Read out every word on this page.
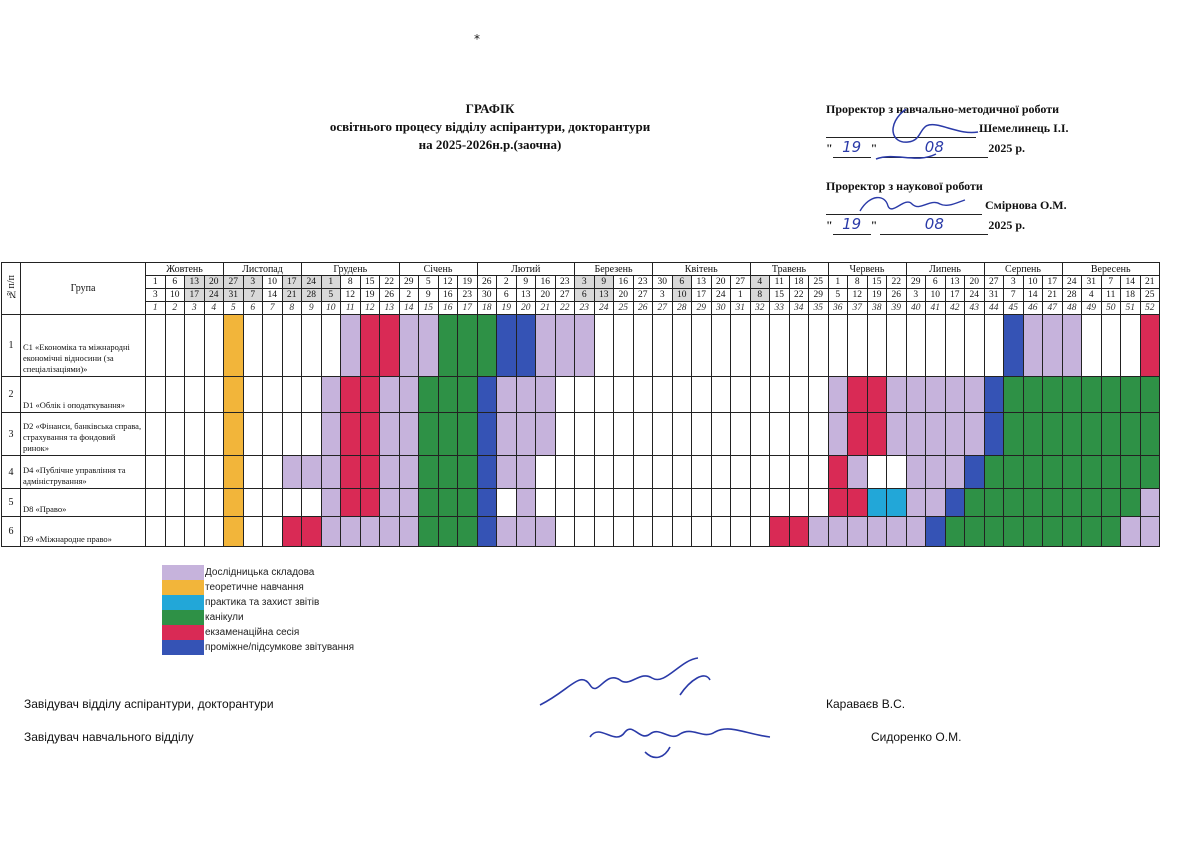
*
ГРАФІК
освітнього процесу відділу аспірантури, докторантури
на 2025-2026н.р.(заочна)
Проректор з навчально-методичної роботи
Шемелинець І.І.
" 19 "	08	2025 р.
Проректор з наукової роботи
Смірнова О.М.
" 19 "	08	2025 р.
№п/п	Група	Жовтень				Листопад				Грудень					Січень				Лютий					Березень				Квітень					Травень				Червень				Липень				Серпень				Вересень				
		1	6	13	20	27	3	10	17	24	1	8	15	22	29	5	12	19	26	2	9	16	23	3	9	16	23	30	6	13	20	27	4	11	18	25	1	8	15	22	29	6	13	20	27	3	10	17	24	31	7	14	21
		3	10	17	24	31	7	14	21	28	5	12	19	26	2	9	16	23	30	6	13	20	27	6	13	20	27	3	10	17	24	1	8	15	22	29	5	12	19	26	3	10	17	24	31	7	14	21	28	4	11	18	25
		1	2	3	4	5	6	7	8	9	10	11	12	13	14	15	16	17	18	19	20	21	22	23	24	25	26	27	28	29	30	31	32	33	34	35	36	37	38	39	40	41	42	43	44	45	46	47	48	49	50	51	52
1	С1 «Економіка та міжнародні економічні відносини (за спеціалізаціями)»																																																				
2	D1 «Облік і оподаткування»																																																				
3	D2 «Фінанси, банківська справа, страхування та фондовий ринок»																																																				
4	D4 «Публічне управління та адміністрування»																																																				
5	D8 «Право»																																																				
6	D9 «Міжнародне право»																																																				
Дослідницька складова
теоретичне навчання
практика та захист звітів
канікули
екзаменаційна сесія
проміжне/підсумкове звітування
Завідувач відділу аспірантури, докторантури	Караваєв В.С.
Завідувач навчального відділу	Сидоренко О.М.
